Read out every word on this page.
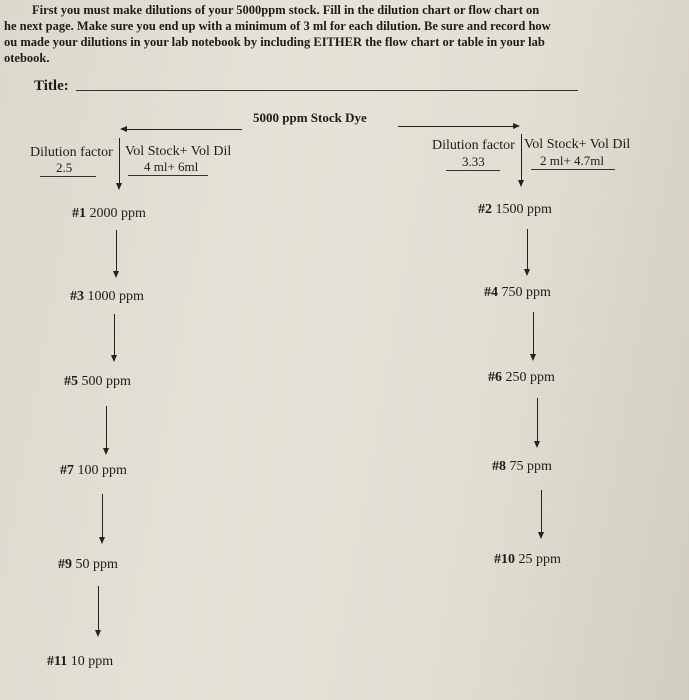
First you must make dilutions of your 5000ppm stock. Fill in the dilution chart or flow chart on
he next page. Make sure you end up with a minimum of 3 ml for each dilution. Be sure and record how
ou made your dilutions in your lab notebook by including EITHER the flow chart or table in your lab
otebook.
Title:
5000 ppm Stock Dye
Dilution factor Vol Stock+ Vol Dil
2.5	4 ml+ 6ml
Dilution factor Vol Stock+ Vol Dil
3.33	2 ml+ 4.7ml
#1 2000 ppm
#3 1000 ppm
#5 500 ppm
#7 100 ppm
#9 50 ppm
#11 10 ppm
#2 1500 ppm
#4 750 ppm
#6 250 ppm
#8 75 ppm
#10 25 ppm
